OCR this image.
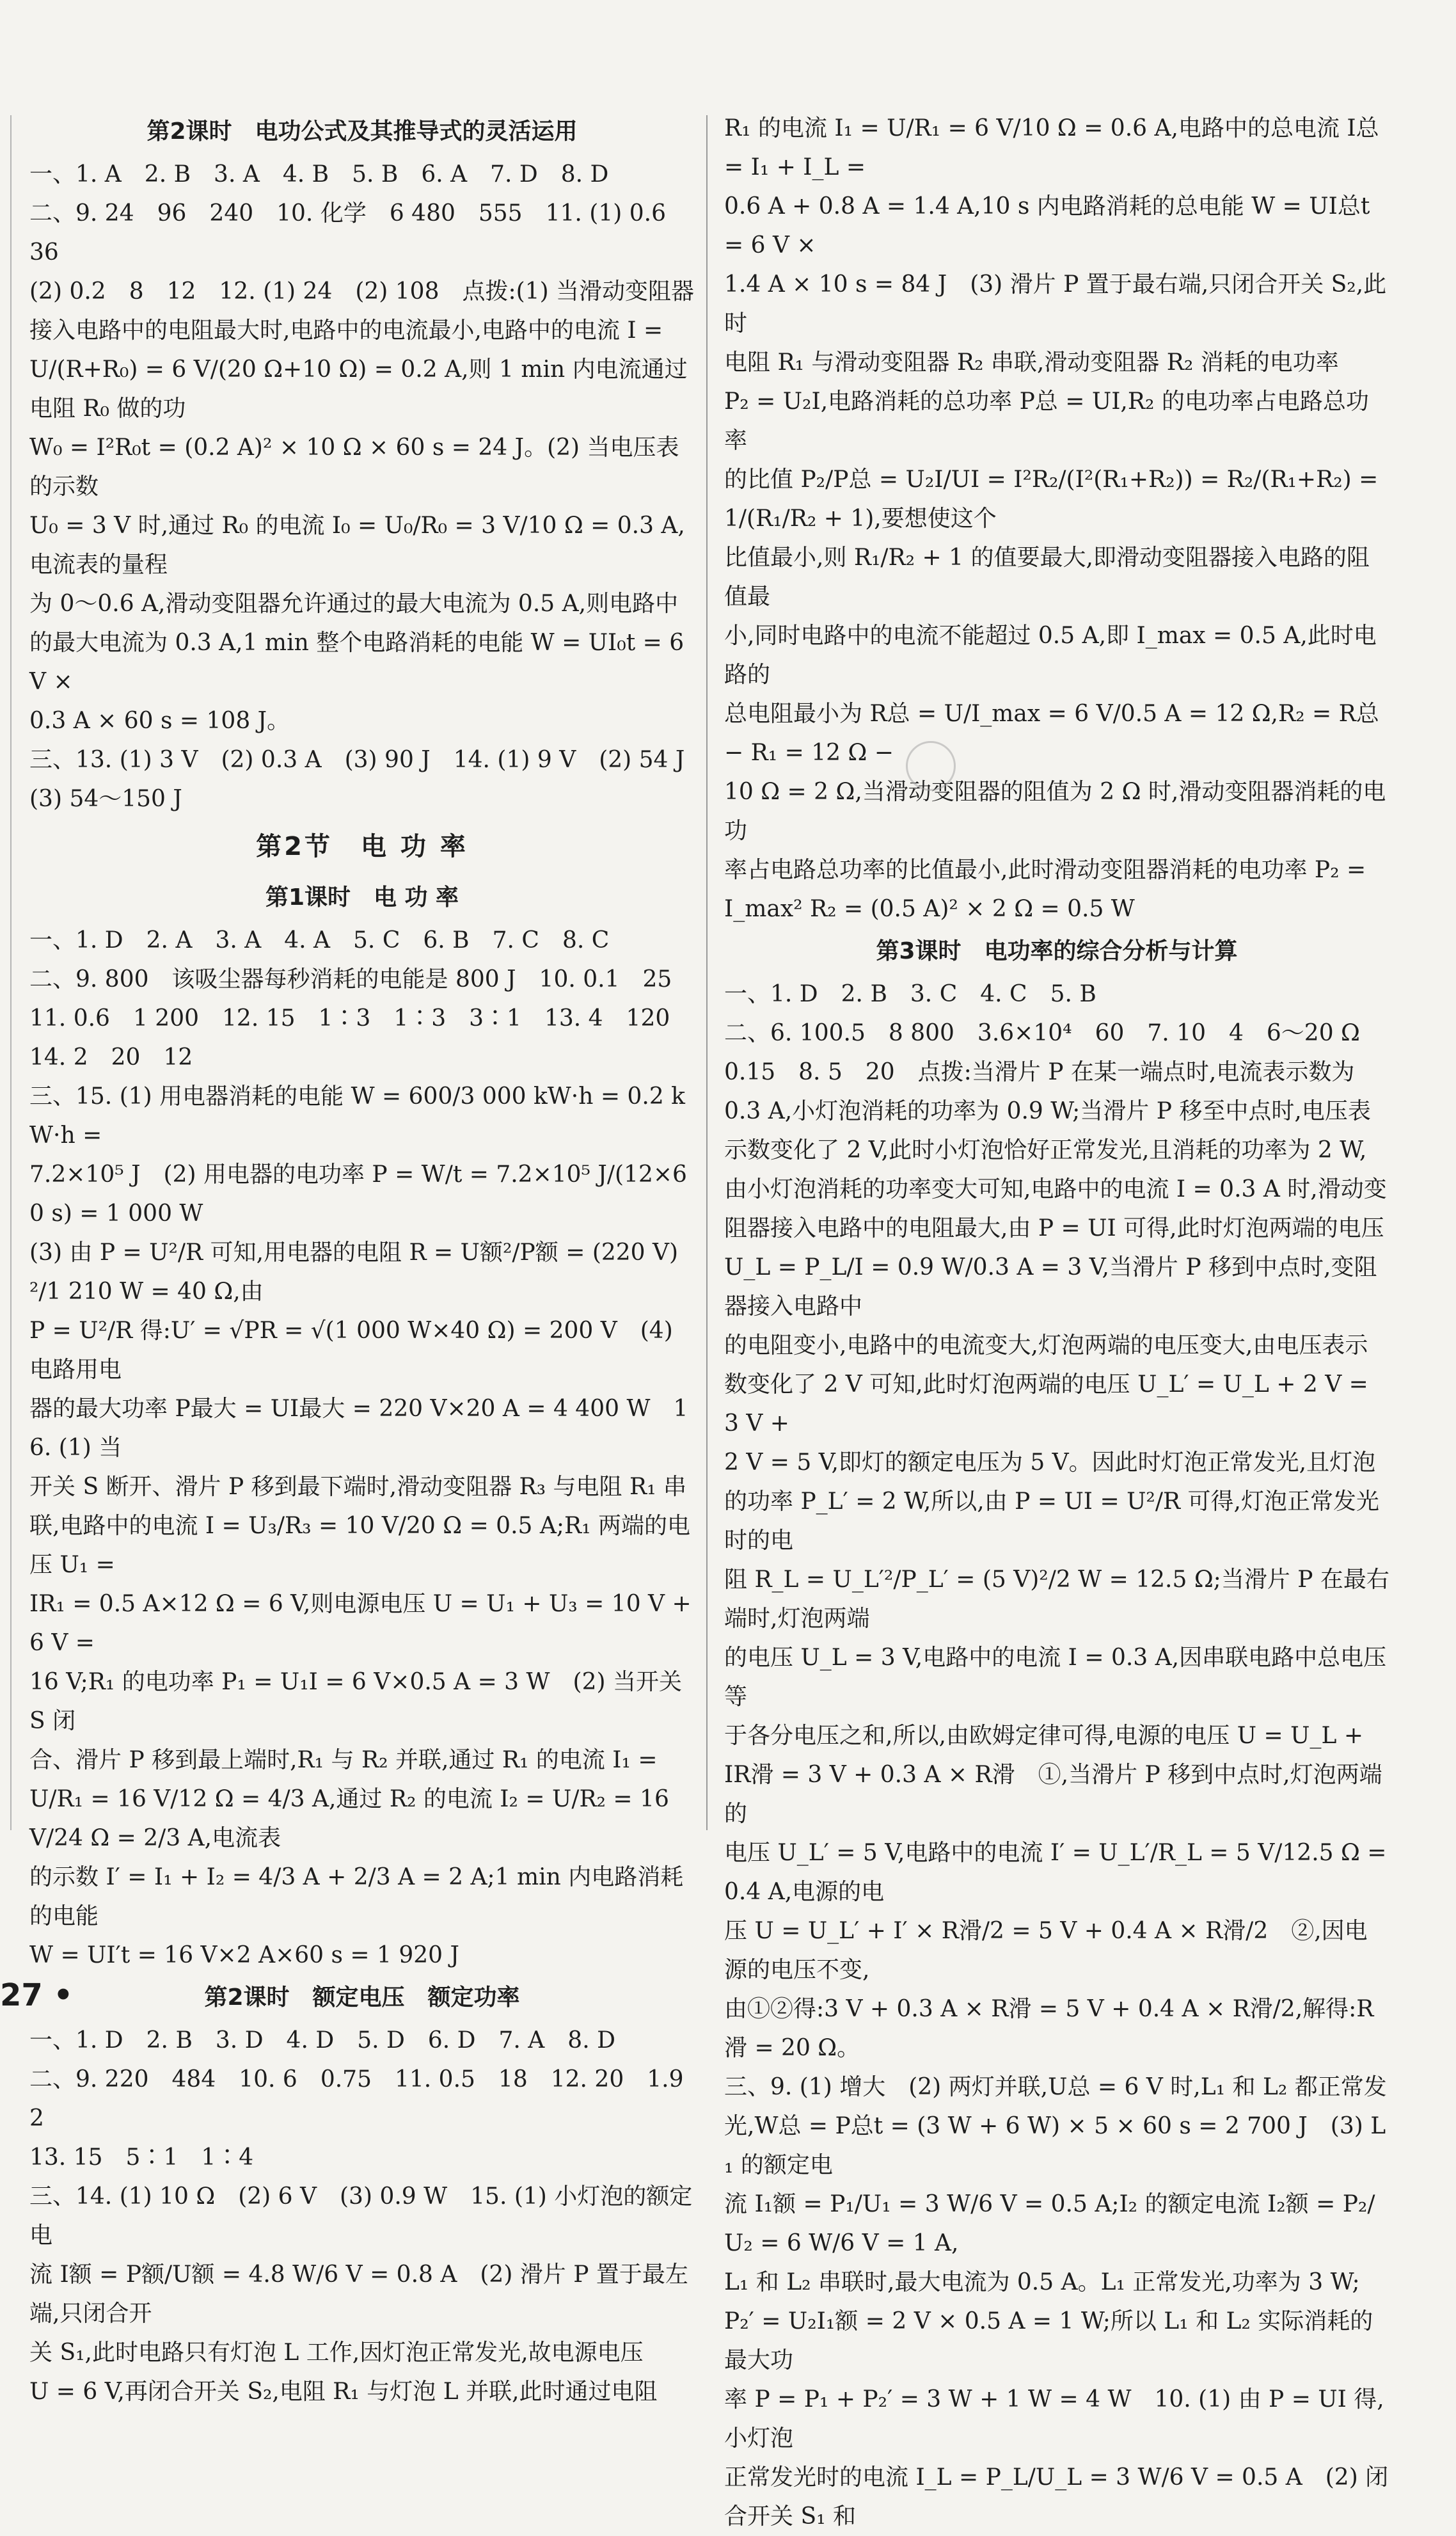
第2课时　电功公式及其推导式的灵活运用
一、1. A　2. B　3. A　4. B　5. B　6. A　7. D　8. D
二、9. 24　96　240　10. 化学　6 480　555　11. (1) 0.6　36
(2) 0.2　8　12　12. (1) 24　(2) 108　点拨:(1) 当滑动变阻器
接入电路中的电阻最大时,电路中的电流最小,电路中的电流 I =
U/(R+R₀) = 6 V/(20 Ω+10 Ω) = 0.2 A,则 1 min 内电流通过电阻 R₀ 做的功
W₀ = I²R₀t = (0.2 A)² × 10 Ω × 60 s = 24 J。(2) 当电压表的示数
U₀ = 3 V 时,通过 R₀ 的电流 I₀ = U₀/R₀ = 3 V/10 Ω = 0.3 A,电流表的量程
为 0～0.6 A,滑动变阻器允许通过的最大电流为 0.5 A,则电路中
的最大电流为 0.3 A,1 min 整个电路消耗的电能 W = UI₀t = 6 V ×
0.3 A × 60 s = 108 J。
三、13. (1) 3 V　(2) 0.3 A　(3) 90 J　14. (1) 9 V　(2) 54 J
(3) 54～150 J
第2节　电 功 率
第1课时　电 功 率
一、1. D　2. A　3. A　4. A　5. C　6. B　7. C　8. C
二、9. 800　该吸尘器每秒消耗的电能是 800 J　10. 0.1　25
11. 0.6　1 200　12. 15　1∶3　1∶3　3∶1　13. 4　120
14. 2　20　12
三、15. (1) 用电器消耗的电能 W = 600/3 000 kW·h = 0.2 kW·h =
7.2×10⁵ J　(2) 用电器的电功率 P = W/t = 7.2×10⁵ J/(12×60 s) = 1 000 W
(3) 由 P = U²/R 可知,用电器的电阻 R = U额²/P额 = (220 V)²/1 210 W = 40 Ω,由
P = U²/R 得:U′ = √PR = √(1 000 W×40 Ω) = 200 V　(4) 电路用电
器的最大功率 P最大 = UI最大 = 220 V×20 A = 4 400 W　16. (1) 当
开关 S 断开、滑片 P 移到最下端时,滑动变阻器 R₃ 与电阻 R₁ 串
联,电路中的电流 I = U₃/R₃ = 10 V/20 Ω = 0.5 A;R₁ 两端的电压 U₁ =
IR₁ = 0.5 A×12 Ω = 6 V,则电源电压 U = U₁ + U₃ = 10 V + 6 V =
16 V;R₁ 的电功率 P₁ = U₁I = 6 V×0.5 A = 3 W　(2) 当开关 S 闭
合、滑片 P 移到最上端时,R₁ 与 R₂ 并联,通过 R₁ 的电流 I₁ =
U/R₁ = 16 V/12 Ω = 4/3 A,通过 R₂ 的电流 I₂ = U/R₂ = 16 V/24 Ω = 2/3 A,电流表
的示数 I′ = I₁ + I₂ = 4/3 A + 2/3 A = 2 A;1 min 内电路消耗的电能
W = UI′t = 16 V×2 A×60 s = 1 920 J
第2课时　额定电压　额定功率
一、1. D　2. B　3. D　4. D　5. D　6. D　7. A　8. D
二、9. 220　484　10. 6　0.75　11. 0.5　18　12. 20　1.92
13. 15　5∶1　1∶4
三、14. (1) 10 Ω　(2) 6 V　(3) 0.9 W　15. (1) 小灯泡的额定电
流 I额 = P额/U额 = 4.8 W/6 V = 0.8 A　(2) 滑片 P 置于最左端,只闭合开
关 S₁,此时电路只有灯泡 L 工作,因灯泡正常发光,故电源电压
U = 6 V,再闭合开关 S₂,电阻 R₁ 与灯泡 L 并联,此时通过电阻
R₁ 的电流 I₁ = U/R₁ = 6 V/10 Ω = 0.6 A,电路中的总电流 I总 = I₁ + I_L =
0.6 A + 0.8 A = 1.4 A,10 s 内电路消耗的总电能 W = UI总t = 6 V ×
1.4 A × 10 s = 84 J　(3) 滑片 P 置于最右端,只闭合开关 S₂,此时
电阻 R₁ 与滑动变阻器 R₂ 串联,滑动变阻器 R₂ 消耗的电功率
P₂ = U₂I,电路消耗的总功率 P总 = UI,R₂ 的电功率占电路总功率
的比值 P₂/P总 = U₂I/UI = I²R₂/(I²(R₁+R₂)) = R₂/(R₁+R₂) = 1/(R₁/R₂ + 1),要想使这个
比值最小,则 R₁/R₂ + 1 的值要最大,即滑动变阻器接入电路的阻值最
小,同时电路中的电流不能超过 0.5 A,即 I_max = 0.5 A,此时电路的
总电阻最小为 R总 = U/I_max = 6 V/0.5 A = 12 Ω,R₂ = R总 − R₁ = 12 Ω −
10 Ω = 2 Ω,当滑动变阻器的阻值为 2 Ω 时,滑动变阻器消耗的电功
率占电路总功率的比值最小,此时滑动变阻器消耗的电功率 P₂ =
I_max² R₂ = (0.5 A)² × 2 Ω = 0.5 W
第3课时　电功率的综合分析与计算
一、1. D　2. B　3. C　4. C　5. B
二、6. 100.5　8 800　3.6×10⁴　60　7. 10　4　6～20 Ω
0.15　8. 5　20　点拨:当滑片 P 在某一端点时,电流表示数为
0.3 A,小灯泡消耗的功率为 0.9 W;当滑片 P 移至中点时,电压表
示数变化了 2 V,此时小灯泡恰好正常发光,且消耗的功率为 2 W,
由小灯泡消耗的功率变大可知,电路中的电流 I = 0.3 A 时,滑动变
阻器接入电路中的电阻最大,由 P = UI 可得,此时灯泡两端的电压
U_L = P_L/I = 0.9 W/0.3 A = 3 V,当滑片 P 移到中点时,变阻器接入电路中
的电阻变小,电路中的电流变大,灯泡两端的电压变大,由电压表示
数变化了 2 V 可知,此时灯泡两端的电压 U_L′ = U_L + 2 V = 3 V +
2 V = 5 V,即灯的额定电压为 5 V。因此时灯泡正常发光,且灯泡
的功率 P_L′ = 2 W,所以,由 P = UI = U²/R 可得,灯泡正常发光时的电
阻 R_L = U_L′²/P_L′ = (5 V)²/2 W = 12.5 Ω;当滑片 P 在最右端时,灯泡两端
的电压 U_L = 3 V,电路中的电流 I = 0.3 A,因串联电路中总电压等
于各分电压之和,所以,由欧姆定律可得,电源的电压 U = U_L +
IR滑 = 3 V + 0.3 A × R滑　①,当滑片 P 移到中点时,灯泡两端的
电压 U_L′ = 5 V,电路中的电流 I′ = U_L′/R_L = 5 V/12.5 Ω = 0.4 A,电源的电
压 U = U_L′ + I′ × R滑/2 = 5 V + 0.4 A × R滑/2　②,因电源的电压不变,
由①②得:3 V + 0.3 A × R滑 = 5 V + 0.4 A × R滑/2,解得:R滑 = 20 Ω。
三、9. (1) 增大　(2) 两灯并联,U总 = 6 V 时,L₁ 和 L₂ 都正常发
光,W总 = P总t = (3 W + 6 W) × 5 × 60 s = 2 700 J　(3) L₁ 的额定电
流 I₁额 = P₁/U₁ = 3 W/6 V = 0.5 A;I₂ 的额定电流 I₂额 = P₂/U₂ = 6 W/6 V = 1 A,
L₁ 和 L₂ 串联时,最大电流为 0.5 A。L₁ 正常发光,功率为 3 W;
P₂′ = U₂I₁额 = 2 V × 0.5 A = 1 W;所以 L₁ 和 L₂ 实际消耗的最大功
率 P = P₁ + P₂′ = 3 W + 1 W = 4 W　10. (1) 由 P = UI 得,小灯泡
正常发光时的电流 I_L = P_L/U_L = 3 W/6 V = 0.5 A　(2) 闭合开关 S₁ 和
27 •
